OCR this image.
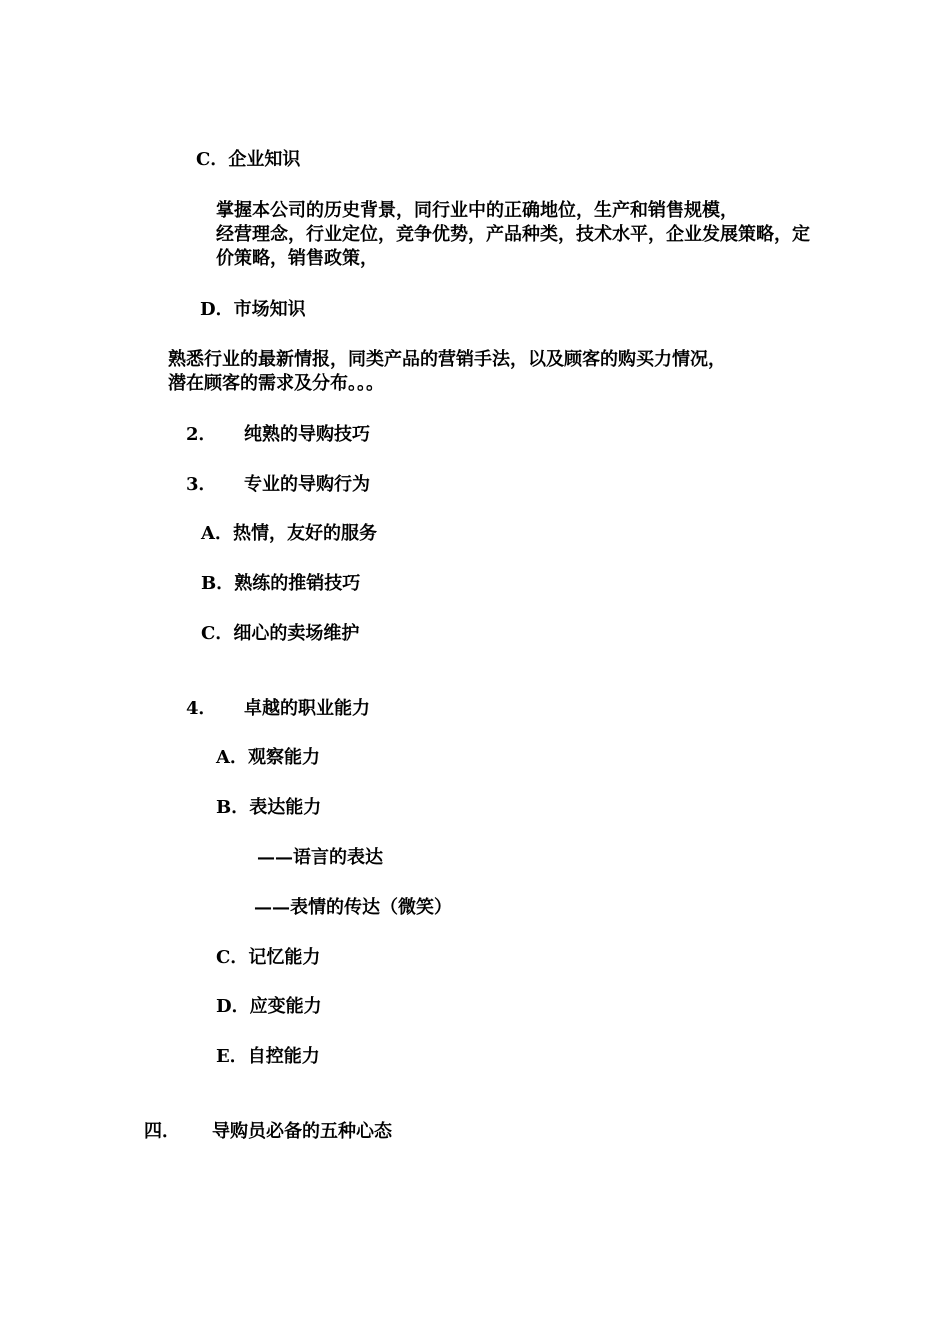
C．企业知识
掌握本公司的历史背景，同行业中的正确地位，生产和销售规模，
经营理念，行业定位，竞争优势，产品种类，技术水平，企业发展策略，定
价策略，销售政策，
D．市场知识
熟悉行业的最新情报，同类产品的营销手法，以及顾客的购买力情况，
潜在顾客的需求及分布。。。
2． 纯熟的导购技巧
3． 专业的导购行为
A．热情，友好的服务
B．熟练的推销技巧
C．细心的卖场维护
4． 卓越的职业能力
A．观察能力
B．表达能力
——语言的表达
——表情的传达（微笑）
C．记忆能力
D．应变能力
E．自控能力
四． 导购员必备的五种心态
